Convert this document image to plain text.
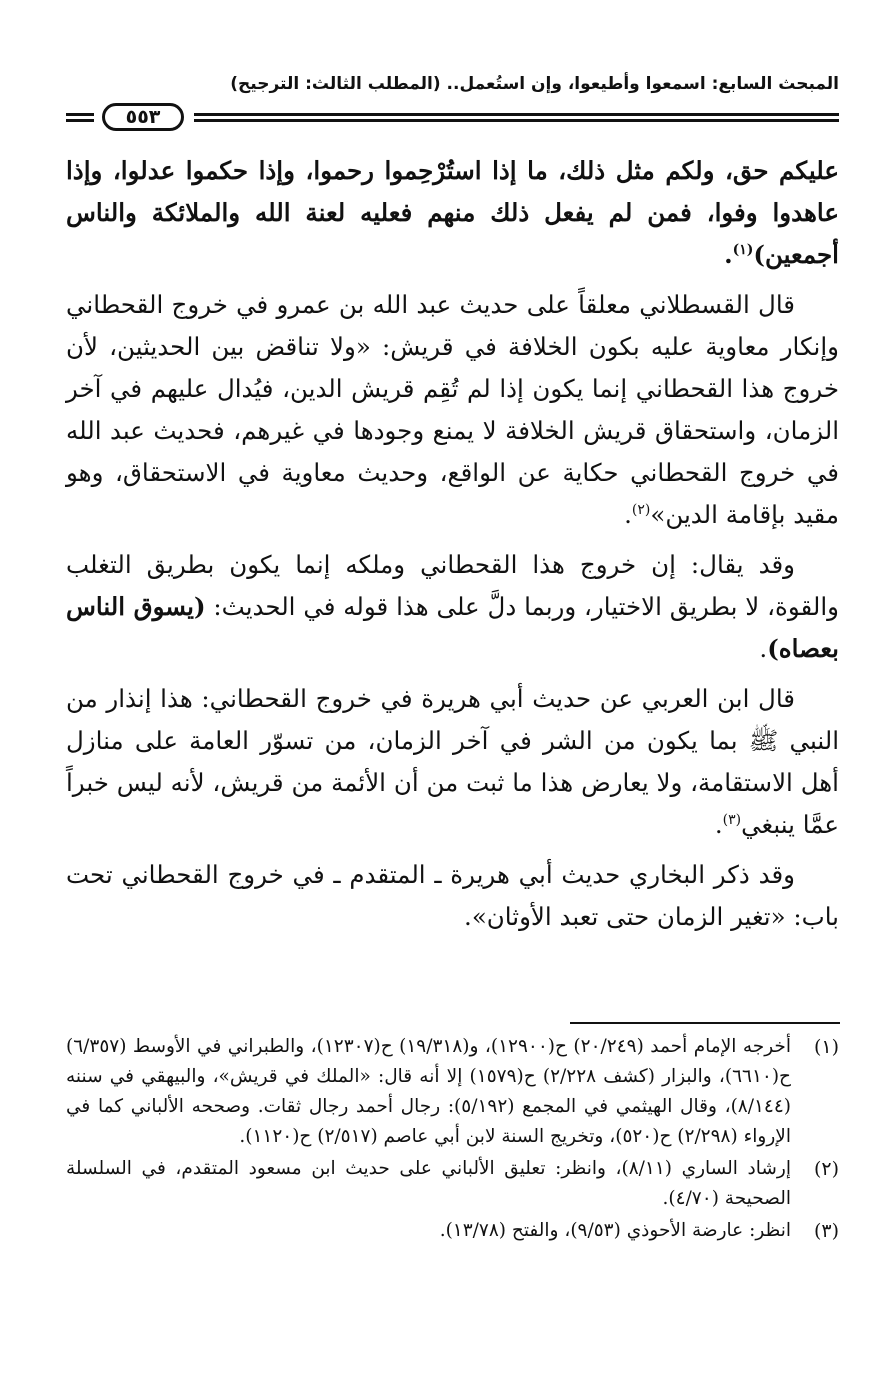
المبحث السابع: اسمعوا وأطيعوا، وإن استُعمل.. (المطلب الثالث: الترجيح)
٥٥٣

عليكم حق، ولكم مثل ذلك، ما إذا استُرْحِموا رحموا، وإذا حكموا عدلوا، وإذا عاهدوا وفوا، فمن لم يفعل ذلك منهم فعليه لعنة الله والملائكة والناس أجمعين)$^{(١)}$.

قال القسطلاني معلقاً على حديث عبد الله بن عمرو في خروج القحطاني وإنكار معاوية عليه بكون الخلافة في قريش: «ولا تناقض بين الحديثين، لأن خروج هذا القحطاني إنما يكون إذا لم تُقِم قريش الدين، فيُدال عليهم في آخر الزمان، واستحقاق قريش الخلافة لا يمنع وجودها في غيرهم، فحديث عبد الله في خروج القحطاني حكاية عن الواقع، وحديث معاوية في الاستحقاق، وهو مقيد بإقامة الدين»$^{(٢)}$.

وقد يقال: إن خروج هذا القحطاني وملكه إنما يكون بطريق التغلب والقوة، لا بطريق الاختيار، وربما دلَّ على هذا قوله في الحديث: (يسوق الناس بعصاه).

قال ابن العربي عن حديث أبي هريرة في خروج القحطاني: هذا إنذار من النبي ﷺ بما يكون من الشر في آخر الزمان، من تسوّر العامة على منازل أهل الاستقامة، ولا يعارض هذا ما ثبت من أن الأئمة من قريش، لأنه ليس خبراً عمَّا ينبغي$^{(٣)}$.

وقد ذكر البخاري حديث أبي هريرة ـ المتقدم ـ في خروج القحطاني تحت باب: «تغير الزمان حتى تعبد الأوثان».

(١)
أخرجه الإمام أحمد (٢٠/٢٤٩) ح(١٢٩٠٠)، و(١٩/٣١٨) ح(١٢٣٠٧)، والطبراني في الأوسط (٦/٣٥٧) ح(٦٦١٠)، والبزار (كشف ٢/٢٢٨) ح(١٥٧٩) إلا أنه قال: «الملك في قريش»، والبيهقي في سننه (٨/١٤٤)، وقال الهيثمي في المجمع (٥/١٩٢): رجال أحمد رجال ثقات. وصححه الألباني كما في الإرواء (٢/٢٩٨) ح(٥٢٠)، وتخريج السنة لابن أبي عاصم (٢/٥١٧) ح(١١٢٠).
(٢)
إرشاد الساري (٨/١١)، وانظر: تعليق الألباني على حديث ابن مسعود المتقدم، في السلسلة الصحيحة (٤/٧٠).
(٣)
انظر: عارضة الأحوذي (٩/٥٣)، والفتح (١٣/٧٨).
